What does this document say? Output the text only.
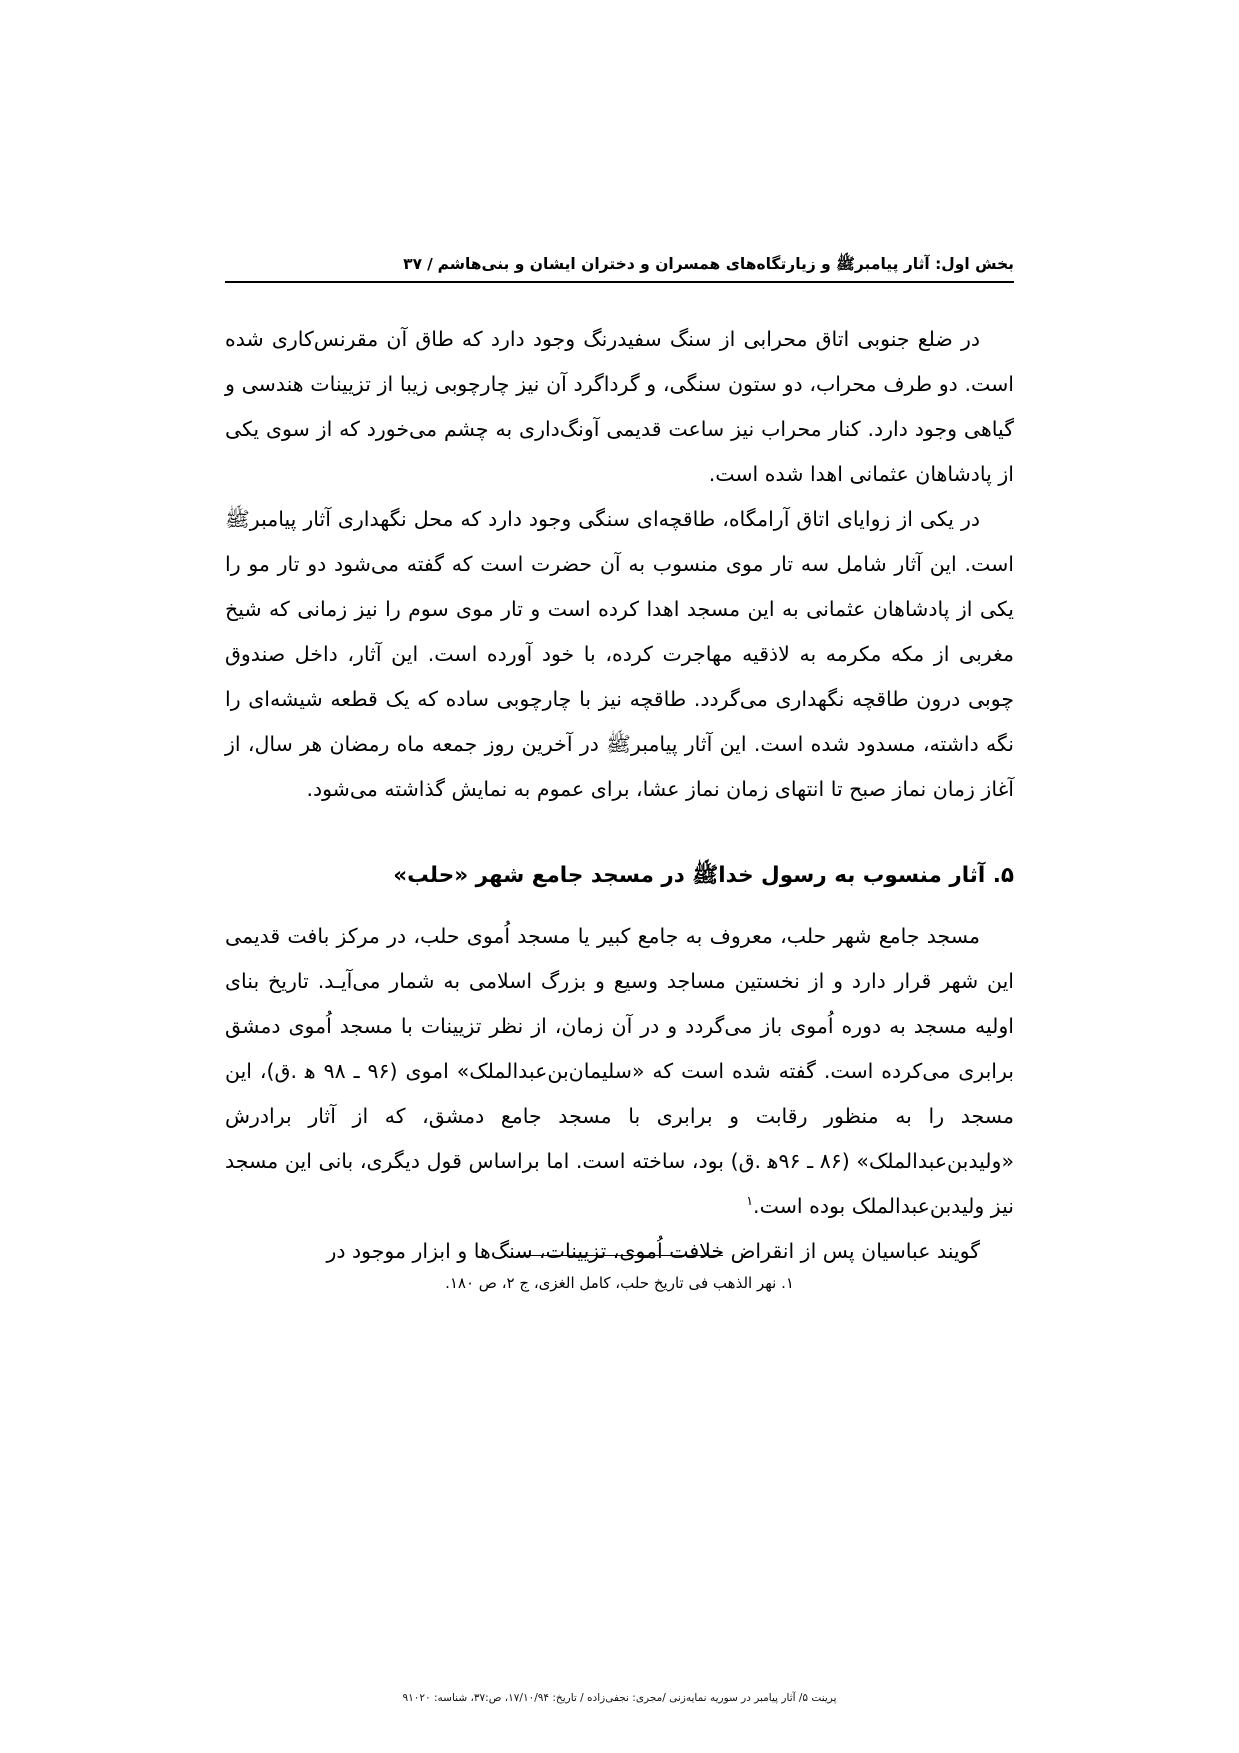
بخش اول: آثار پیامبرﷺ و زیارتگاه‌های همسران و دختران ایشان و بنی‌هاشم
/
۳۷

در ضلع جنوبی اتاق محرابی از سنگ سفیدرنگ وجود دارد که طاق آن مقرنس‌کاری شده است. دو طرف محراب، دو ستون سنگی، و گرداگرد آن نیز چارچوبی زیبا از تزیینات هندسی و گیاهی وجود دارد. کنار محراب نیز ساعت قدیمی آونگ‌داری به چشم می‌خورد که از سوی یکی از پادشاهان عثمانی اهدا شده است.

در یکی از زوایای اتاق آرامگاه، طاقچه‌ای سنگی وجود دارد که محل نگهداری آثار پیامبرﷺ است. این آثار شامل سه تار موی منسوب به آن حضرت است که گفته می‌شود دو تار مو را یکی از پادشاهان عثمانی به این مسجد اهدا کرده است و تار موی سوم را نیز زمانی که شیخ مغربی از مکه مکرمه به لاذقیه مهاجرت کرده، با خود آورده است. این آثار، داخل صندوق چوبی درون طاقچه نگهداری می‌گردد. طاقچه نیز با چارچوبی ساده که یک قطعه شیشه‌ای را نگه داشته، مسدود شده است. این آثار پیامبرﷺ در آخرین روز جمعه ماه رمضان هر سال، از آغاز زمان نماز صبح تا انتهای زمان نماز عشا، برای عموم به نمایش گذاشته می‌شود.

۵. آثار منسوب به رسول خداﷺ در مسجد جامع شهر «حلب»

مسجد جامع شهر حلب، معروف به جامع کبیر یا مسجد اُموی حلب، در مرکز بافت قدیمی این شهر قرار دارد و از نخستین مساجد وسیع و بزرگ اسلامی به شمار می‌آیـد. تاریخ بنای اولیه مسجد به دوره اُموی باز می‌گردد و در آن زمان، از نظر تزیینات با مسجد اُموی دمشق برابری می‌کرده است. گفته شده است که «سلیمان‌بن‌عبدالملک» اموی (۹۶ ـ ۹۸ ه‍ .ق)، این مسجد را به منظور رقابت و برابری با مسجد جامع دمشق، که از آثار برادرش «ولیدبن‌عبدالملک» (۸۶ ـ ۹۶ه‍ .ق) بود، ساخته است. اما براساس قول دیگری، بانی این مسجد نیز ولیدبن‌عبدالملک بوده است.$^۱$

گویند عباسیان پس از انقراض خلافت اُموی، تزیینات، سنگ‌ها و ابزار موجود در

۱. نهر الذهب فی تاریخ حلب، کامل الغزی، ج ۲، ص ۱۸۰.
پرینت ۵/ آثار پیامبر در سوریه نمایه‌زنی /مجری: نجفی‌زاده / تاریخ: ۱۷/۱۰/۹۴، ص:۳۷، شناسه: ۹۱۰۲۰
